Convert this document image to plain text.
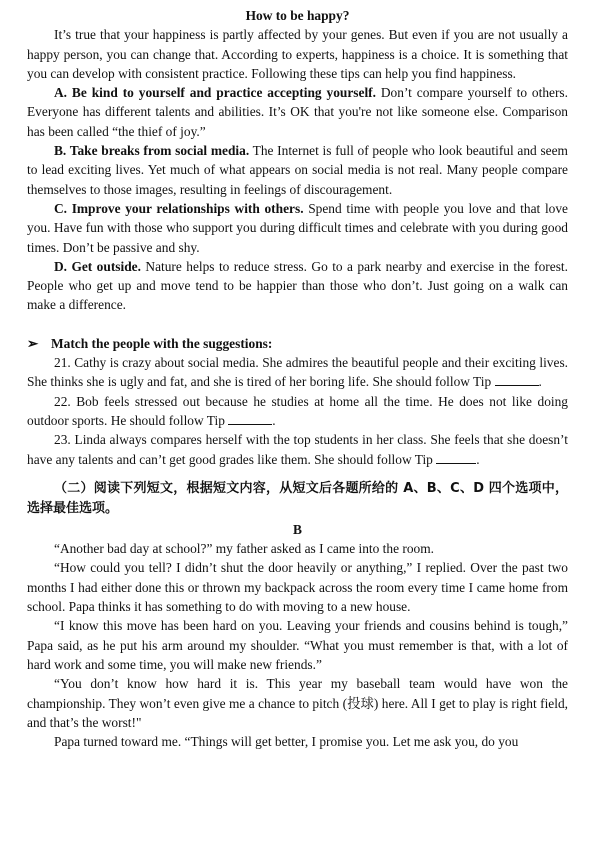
How to be happy?

It’s true that your happiness is partly affected by your genes. But even if you are not usually a happy person, you can change that. According to experts, happiness is a choice. It is something that you can develop with consistent practice. Following these tips can help you find happiness.

A. Be kind to yourself and practice accepting yourself. Don’t compare yourself to others. Everyone has different talents and abilities. It’s OK that you're not like someone else. Comparison has been called “the thief of joy.”

B. Take breaks from social media. The Internet is full of people who look beautiful and seem to lead exciting lives. Yet much of what appears on social media is not real. Many people compare themselves to those images, resulting in feelings of discouragement.

C. Improve your relationships with others. Spend time with people you love and that love you. Have fun with those who support you during difficult times and celebrate with you during good times. Don’t be passive and shy.

D. Get outside. Nature helps to reduce stress. Go to a park nearby and exercise in the forest. People who get up and move tend to be happier than those who don’t. Just going on a walk can make a difference.

➢ Match the people with the suggestions:

21. Cathy is crazy about social media. She admires the beautiful people and their exciting lives. She thinks she is ugly and fat, and she is tired of her boring life. She should follow Tip	.

22. Bob feels stressed out because he studies at home all the time. He does not like doing outdoor sports. He should follow Tip	.

23. Linda always compares herself with the top students in her class. She feels that she doesn’t have any talents and can’t get good grades like them. She should follow Tip	.

（二）阅读下列短文，根据短文内容，从短文后各题所给的 A、B、C、D 四个选项中，选择最佳选项。

B

“Another bad day at school?” my father asked as I came into the room.

“How could you tell? I didn’t shut the door heavily or anything,” I replied. Over the past two months I had either done this or thrown my backpack across the room every time I came home from school. Papa thinks it has something to do with moving to a new house.

“I know this move has been hard on you. Leaving your friends and cousins behind is tough,” Papa said, as he put his arm around my shoulder. “What you must remember is that, with a lot of hard work and some time, you will make new friends.”

“You don’t know how hard it is. This year my baseball team would have won the championship. They won’t even give me a chance to pitch (投球) here. All I get to play is right field, and that’s the worst!"

Papa turned toward me. “Things will get better, I promise you. Let me ask you, do you
